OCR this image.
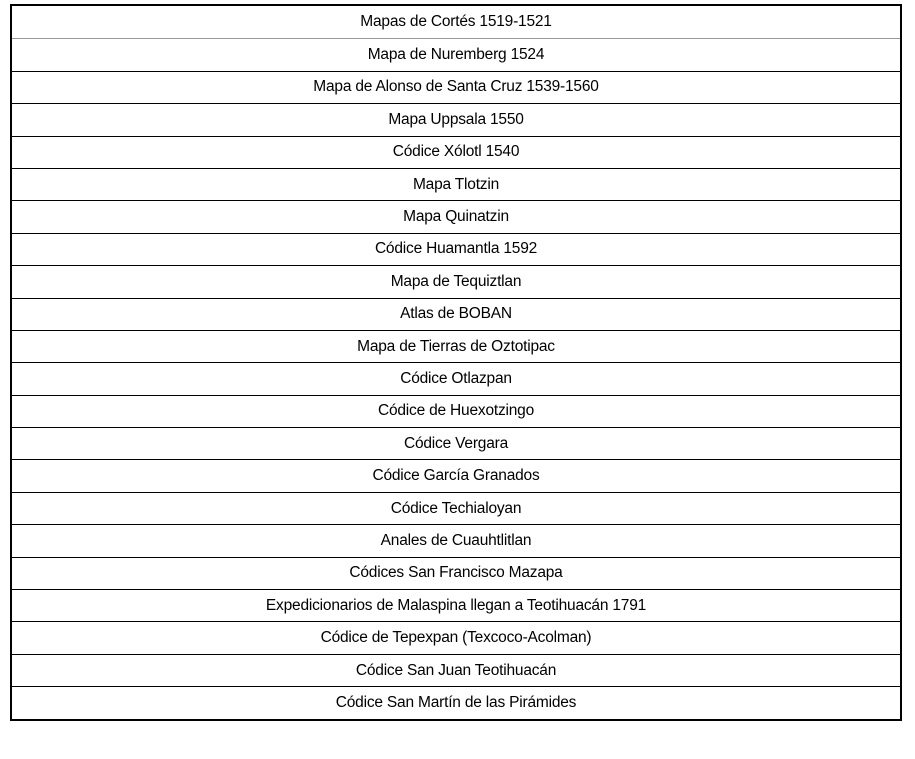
Mapas de Cortés 1519-1521
Mapa de Nuremberg 1524
Mapa de Alonso de Santa Cruz 1539-1560
Mapa Uppsala 1550
Códice Xólotl 1540
Mapa Tlotzin
Mapa Quinatzin
Códice Huamantla 1592
Mapa de Tequiztlan
Atlas de BOBAN
Mapa de Tierras de Oztotipac
Códice Otlazpan
Códice de Huexotzingo
Códice Vergara
Códice García Granados
Códice Techialoyan
Anales de Cuauhtlitlan
Códices San Francisco Mazapa
Expedicionarios de Malaspina llegan a Teotihuacán 1791
Códice de Tepexpan (Texcoco-Acolman)
Códice San Juan Teotihuacán
Códice San Martín de las Pirámides
